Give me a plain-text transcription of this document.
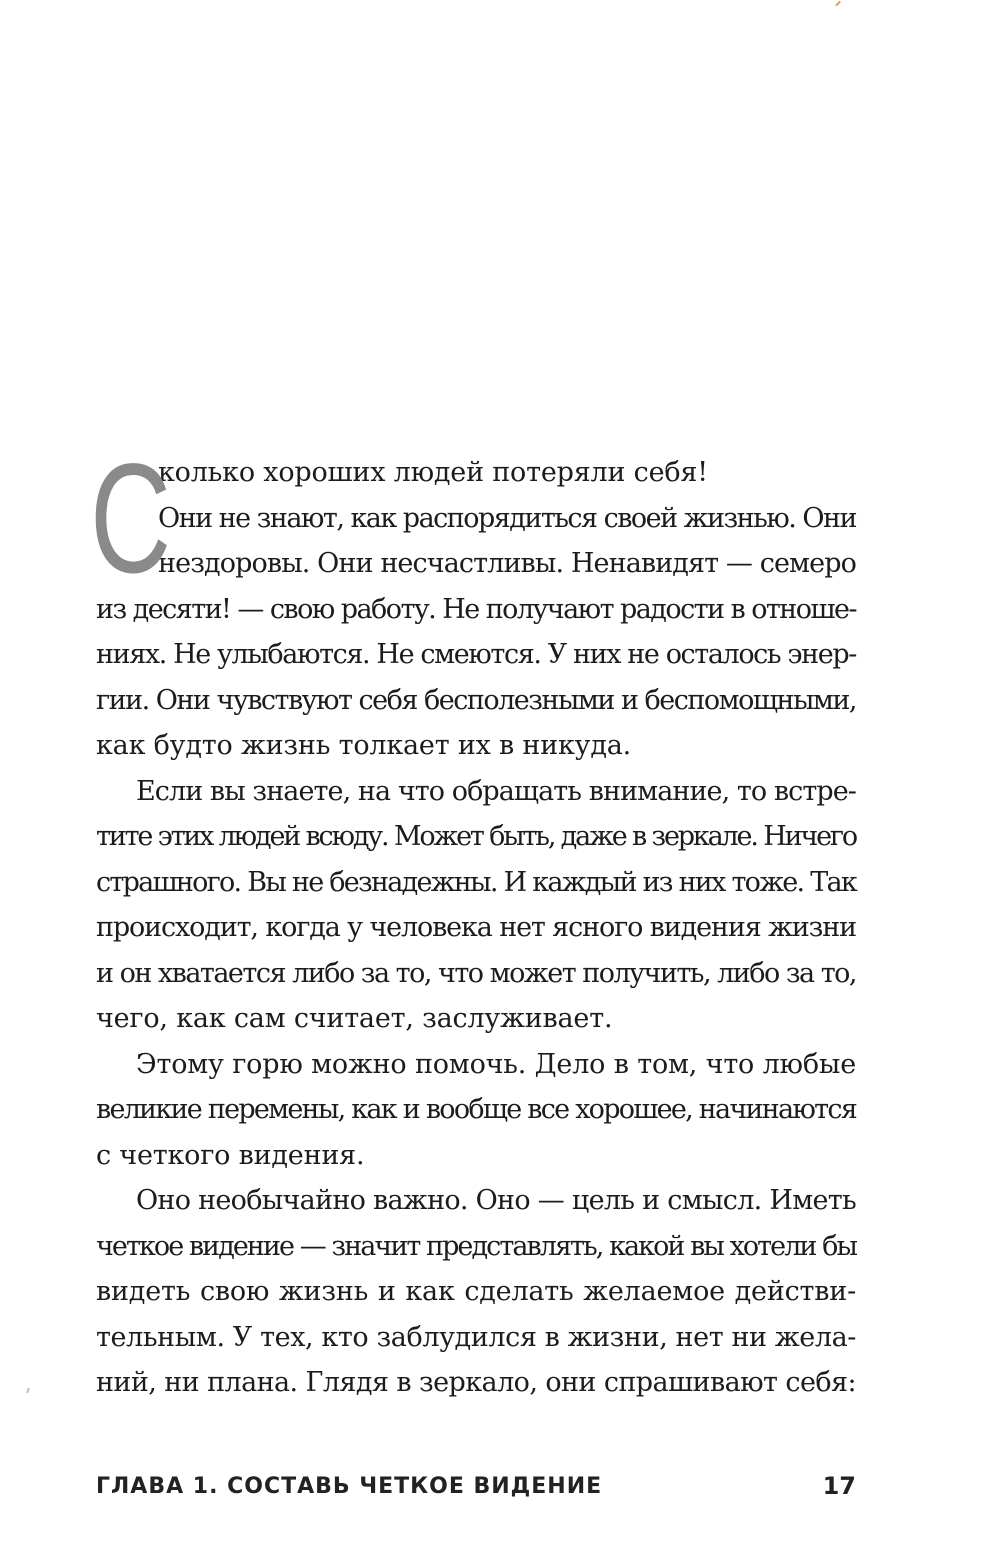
С
колько хороших людей потеряли себя!
Они не знают, как распорядиться своей жизнью. Они
нездоровы. Они несчастливы. Ненавидят — семеро
из десяти! — свою работу. Не получают радости в отноше-
ниях. Не улыбаются. Не смеются. У них не осталось энер-
гии. Они чувствуют себя бесполезными и беспомощными,
как будто жизнь толкает их в никуда.
Если вы знаете, на что обращать внимание, то встре-
тите этих людей всюду. Может быть, даже в зеркале. Ничего
страшного. Вы не безнадежны. И каждый из них тоже. Так
происходит, когда у человека нет ясного видения жизни
и он хватается либо за то, что может получить, либо за то,
чего, как сам считает, заслуживает.
Этому горю можно помочь. Дело в том, что любые
великие перемены, как и вообще все хорошее, начинаются
с четкого видения.
Оно необычайно важно. Оно — цель и смысл. Иметь
четкое видение — значит представлять, какой вы хотели бы
видеть свою жизнь и как сделать желаемое действи-
тельным. У тех, кто заблудился в жизни, нет ни жела-
ний, ни плана. Глядя в зеркало, они спрашивают себя:
ГЛАВА 1. СОСТАВЬ ЧЕТКОЕ ВИДЕНИЕ	17
